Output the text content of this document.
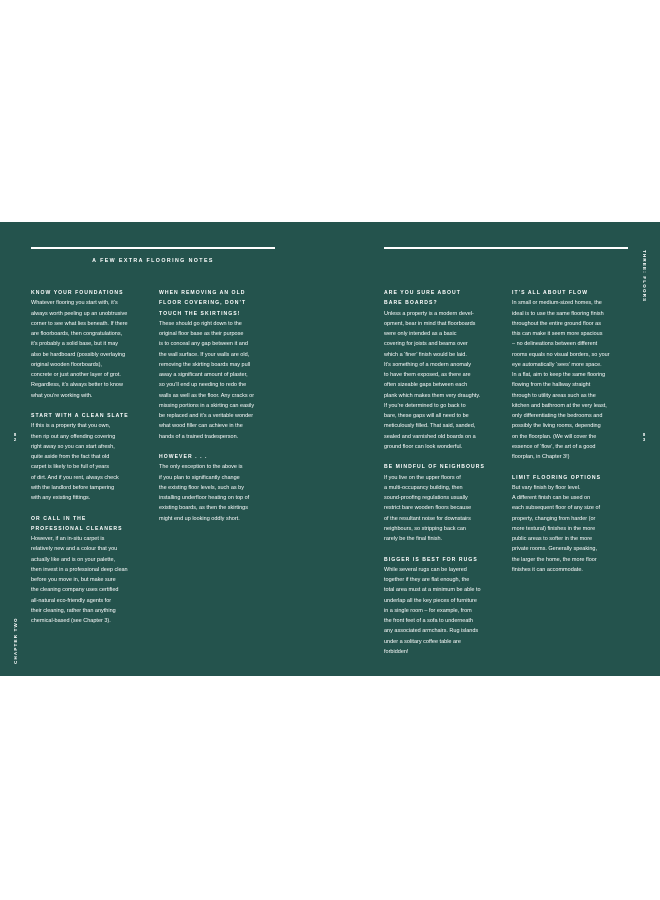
A FEW EXTRA FLOORING NOTES
KNOW YOUR FOUNDATIONS

Whatever flooring you start with, it’s
always worth peeling up an unobtrusive
corner to see what lies beneath. If there
are floorboards, then congratulations,
it’s probably a solid base, but it may
also be hardboard (possibly overlaying
original wooden floorboards),
concrete or just another layer of grot.
Regardless, it’s always better to know
what you’re working with.

START WITH A CLEAN SLATE

If this is a property that you own,
then rip out any offending covering
right away so you can start afresh,
quite aside from the fact that old
carpet is likely to be full of years
of dirt. And if you rent, always check
with the landlord before tampering
with any existing fittings.

OR CALL IN THE
PROFESSIONAL CLEANERS

However, if an in-situ carpet is
relatively new and a colour that you
actually like and is on your palette,
then invest in a professional deep clean
before you move in, but make sure
the cleaning company uses certified
all-natural eco-friendly agents for
their cleaning, rather than anything
chemical-based (see Chapter 3).

WHEN REMOVING AN OLD
FLOOR COVERING, DON’T
TOUCH THE SKIRTINGS!

These should go right down to the
original floor base as their purpose
is to conceal any gap between it and
the wall surface. If your walls are old,
removing the skirting boards may pull
away a significant amount of plaster,
so you’ll end up needing to redo the
walls as well as the floor. Any cracks or
missing portions in a skirting can easily
be replaced and it’s a veritable wonder
what wood filler can achieve in the
hands of a trained tradesperson.

HOWEVER . . .

The only exception to the above is
if you plan to significantly change
the existing floor levels, such as by
installing underfloor heating on top of
existing boards, as then the skirtings
might end up looking oddly short.

ARE YOU SURE ABOUT
BARE BOARDS?

Unless a property is a modern devel-
opment, bear in mind that floorboards
were only intended as a basic
covering for joists and beams over
which a ‘finer’ finish would be laid.
It’s something of a modern anomaly
to have them exposed, as there are
often sizeable gaps between each
plank which makes them very draughty.
If you’re determined to go back to
bare, these gaps will all need to be
meticulously filled. That said, sanded,
sealed and varnished old boards on a
ground floor can look wonderful.

BE MINDFUL OF NEIGHBOURS

If you live on the upper floors of
a multi-occupancy building, then
sound-proofing regulations usually
restrict bare wooden floors because
of the resultant noise for downstairs
neighbours, so stripping back can
rarely be the final finish.

BIGGER IS BEST FOR RUGS

While several rugs can be layered
together if they are flat enough, the
total area must at a minimum be able to
underlap all the key pieces of furniture
in a single room – for example, from
the front feet of a sofa to underneath
any associated armchairs. Rug islands
under a solitary coffee table are
forbidden!

IT’S ALL ABOUT FLOW

In small or medium-sized homes, the
ideal is to use the same flooring finish
throughout the entire ground floor as
this can make it seem more spacious
– no delineations between different
rooms equals no visual borders, so your
eye automatically ‘sees’ more space.
In a flat, aim to keep the same flooring
flowing from the hallway straight
through to utility areas such as the
kitchen and bathroom at the very least,
only differentiating the bedrooms and
possibly the living rooms, depending
on the floorplan. (We will cover the
essence of ‘flow’, the art of a good
floorplan, in Chapter 3!)

LIMIT FLOORING OPTIONS

But vary finish by floor level.
A different finish can be used on
each subsequent floor of any size of
property, changing from harder (or
more textural) finishes in the more
public areas to softer in the more
private rooms. Generally speaking,
the larger the home, the more floor
finishes it can accommodate.

8
2
8
3
CHAPTER TWO
THREE: FLOORS
